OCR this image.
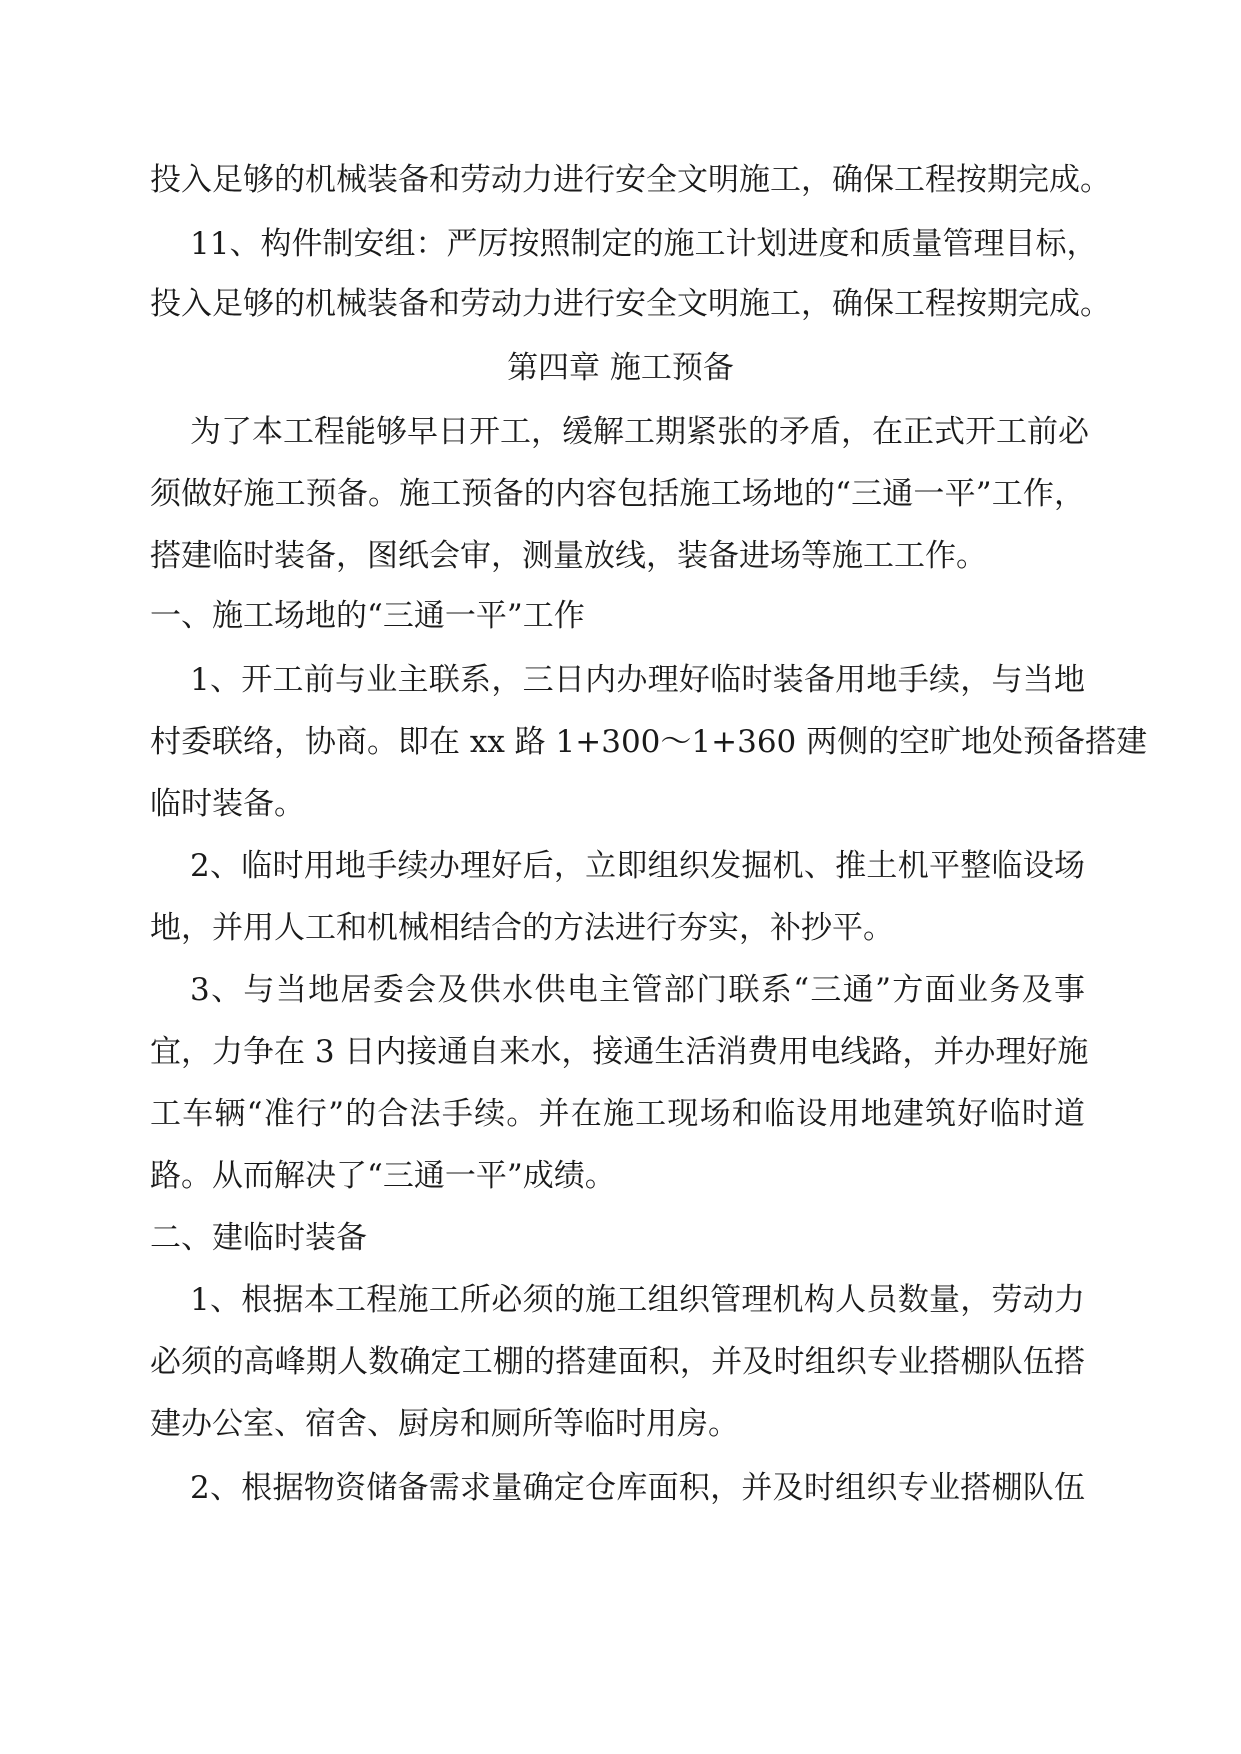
投入足够的机械装备和劳动力进行安全文明施工，确保工程按期完成。
11、构件制安组：严厉按照制定的施工计划进度和质量管理目标，
投入足够的机械装备和劳动力进行安全文明施工，确保工程按期完成。
第四章 施工预备
为了本工程能够早日开工，缓解工期紧张的矛盾，在正式开工前必
须做好施工预备。施工预备的内容包括施工场地的“三通一平”工作，
搭建临时装备，图纸会审，测量放线，装备进场等施工工作。
一、施工场地的“三通一平”工作
1、开工前与业主联系，三日内办理好临时装备用地手续，与当地
村委联络，协商。即在 xx 路 1+300～1+360 两侧的空旷地处预备搭建
临时装备。
2、临时用地手续办理好后，立即组织发掘机、推土机平整临设场
地，并用人工和机械相结合的方法进行夯实，补抄平。
3、与当地居委会及供水供电主管部门联系“三通”方面业务及事
宜，力争在 3 日内接通自来水，接通生活消费用电线路，并办理好施
工车辆“准行”的合法手续。并在施工现场和临设用地建筑好临时道
路。从而解决了“三通一平”成绩。
二、建临时装备
1、根据本工程施工所必须的施工组织管理机构人员数量，劳动力
必须的高峰期人数确定工棚的搭建面积，并及时组织专业搭棚队伍搭
建办公室、宿舍、厨房和厕所等临时用房。
2、根据物资储备需求量确定仓库面积，并及时组织专业搭棚队伍
